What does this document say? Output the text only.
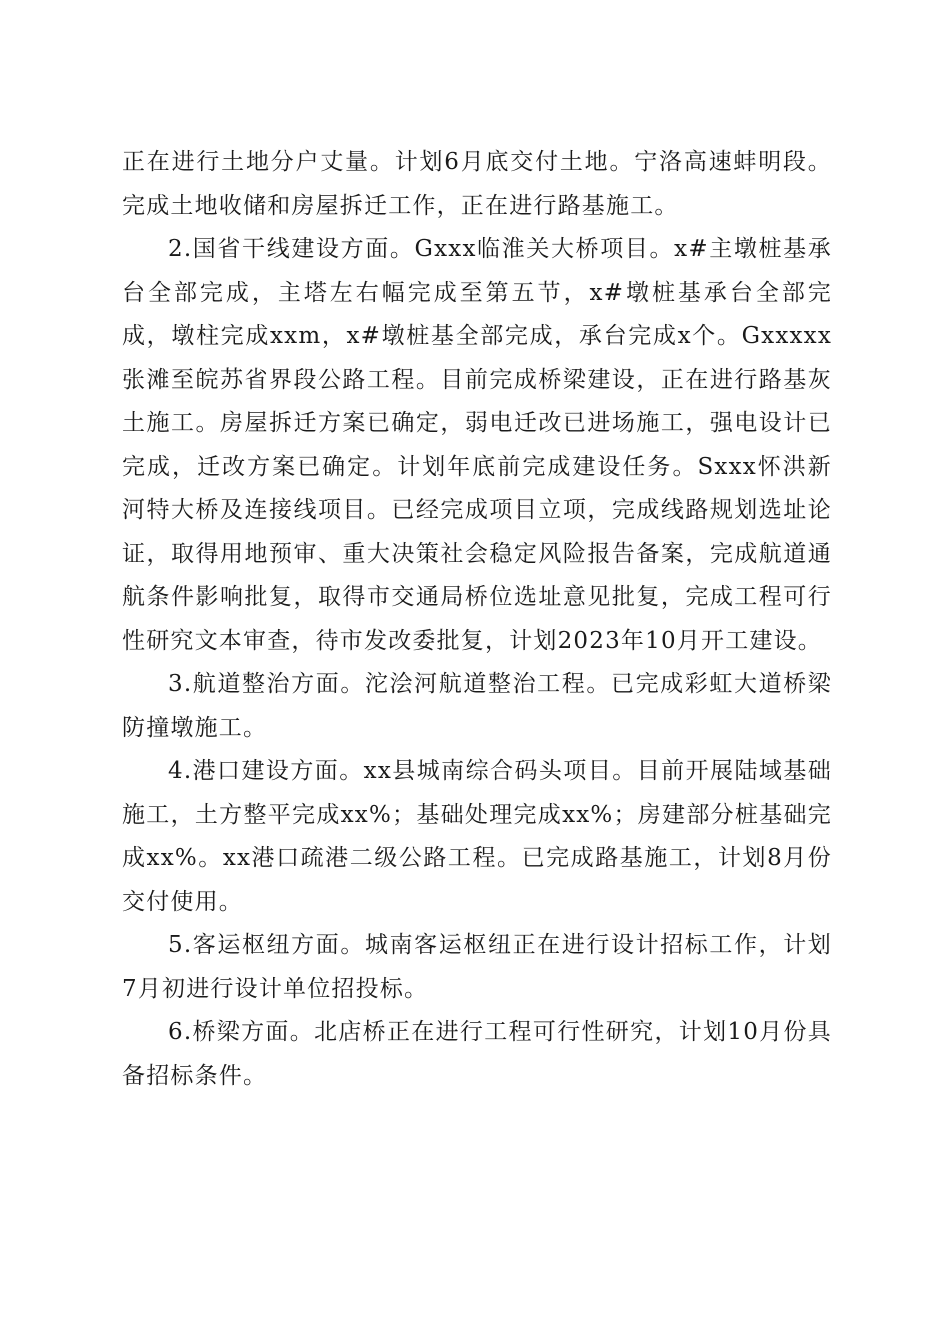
正在进行土地分户丈量。计划6月底交付土地。宁洛高速蚌明段。完成土地收储和房屋拆迁工作，正在进行路基施工。

2.国省干线建设方面。Gxxx临淮关大桥项目。x#主墩桩基承台全部完成，主塔左右幅完成至第五节，x#墩桩基承台全部完成，墩柱完成xxm，x#墩桩基全部完成，承台完成x个。Gxxxxx张滩至皖苏省界段公路工程。目前完成桥梁建设，正在进行路基灰土施工。房屋拆迁方案已确定，弱电迁改已进场施工，强电设计已完成，迁改方案已确定。计划年底前完成建设任务。Sxxx怀洪新河特大桥及连接线项目。已经完成项目立项，完成线路规划选址论证，取得用地预审、重大决策社会稳定风险报告备案，完成航道通航条件影响批复，取得市交通局桥位选址意见批复，完成工程可行性研究文本审查，待市发改委批复，计划2023年10月开工建设。

3.航道整治方面。沱浍河航道整治工程。已完成彩虹大道桥梁防撞墩施工。

4.港口建设方面。xx县城南综合码头项目。目前开展陆域基础施工，土方整平完成xx%；基础处理完成xx%；房建部分桩基础完成xx%。xx港口疏港二级公路工程。已完成路基施工，计划8月份交付使用。

5.客运枢纽方面。城南客运枢纽正在进行设计招标工作，计划7月初进行设计单位招投标。

6.桥梁方面。北店桥正在进行工程可行性研究，计划10月份具备招标条件。
